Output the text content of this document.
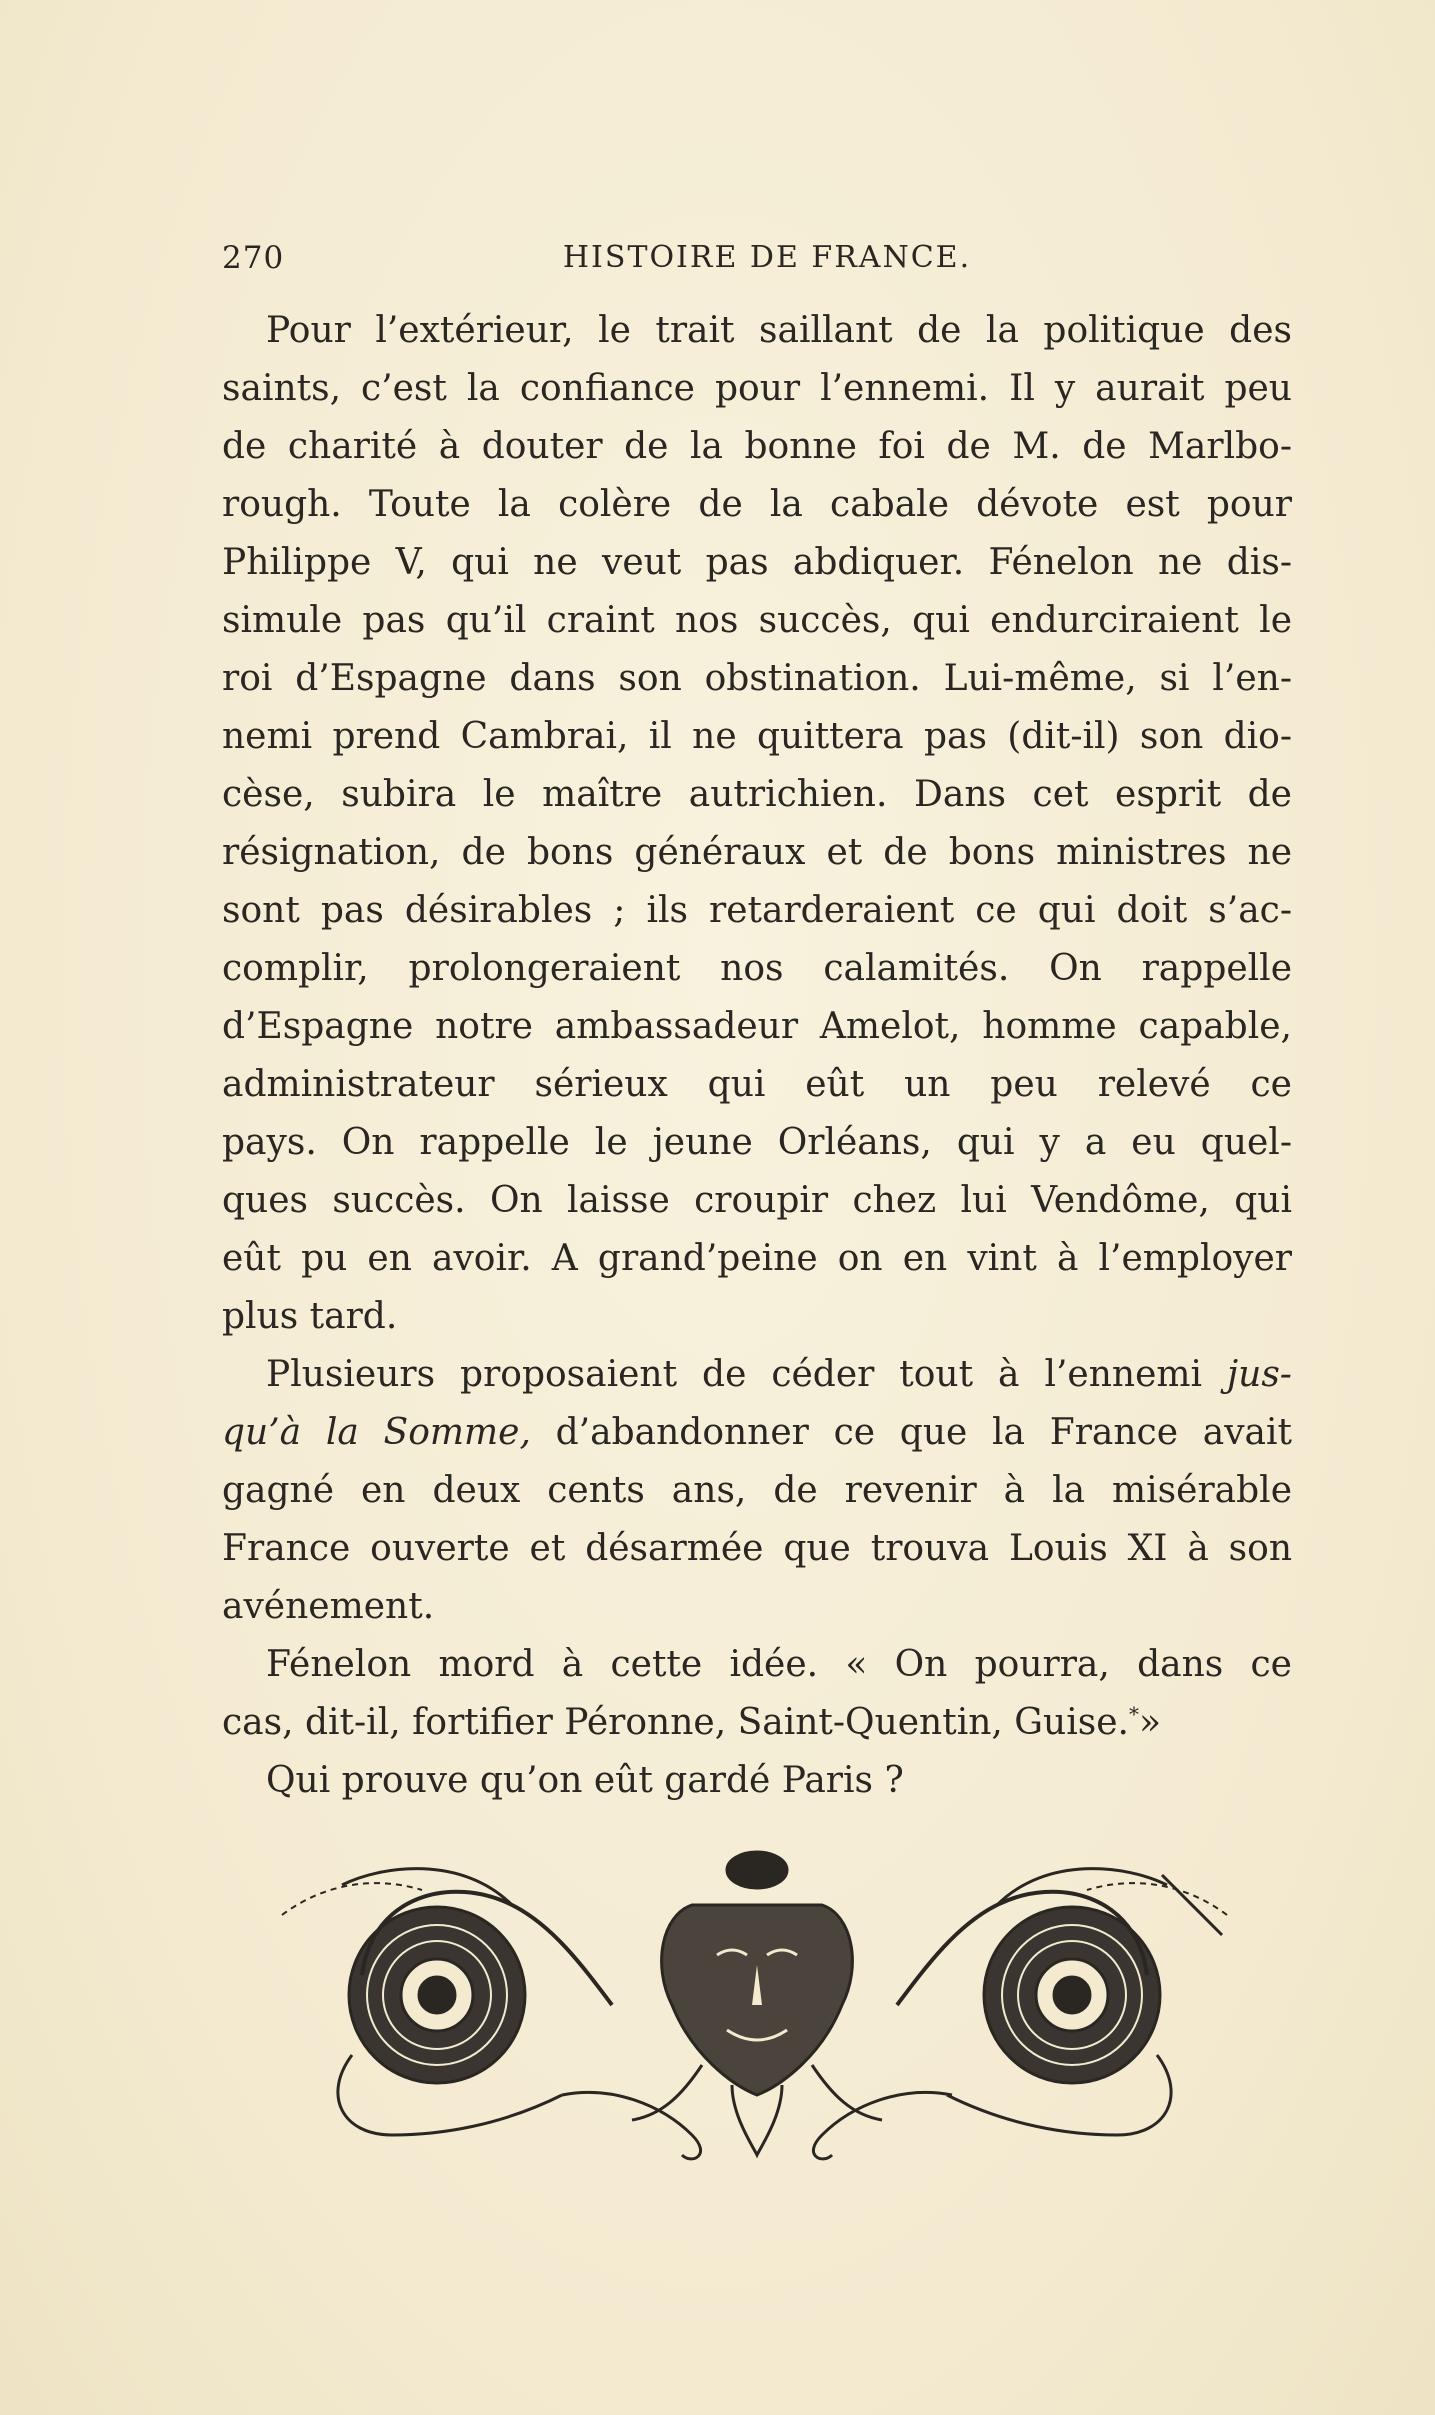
270	HISTOIRE DE FRANCE.
Pour l’extérieur, le trait saillant de la politique des
saints, c’est la confiance pour l’ennemi. Il y aurait peu
de charité à douter de la bonne foi de M. de Marlbo-
rough. Toute la colère de la cabale dévote est pour
Philippe V, qui ne veut pas abdiquer. Fénelon ne dis-
simule pas qu’il craint nos succès, qui endurciraient le
roi d’Espagne dans son obstination. Lui-même, si l’en-
nemi prend Cambrai, il ne quittera pas (dit-il) son dio-
cèse, subira le maître autrichien. Dans cet esprit de
résignation, de bons généraux et de bons ministres ne
sont pas désirables ; ils retarderaient ce qui doit s’ac-
complir, prolongeraient nos calamités. On rappelle
d’Espagne notre ambassadeur Amelot, homme capable,
administrateur sérieux qui eût un peu relevé ce
pays. On rappelle le jeune Orléans, qui y a eu quel-
ques succès. On laisse croupir chez lui Vendôme, qui
eût pu en avoir. A grand’peine on en vint à l’employer
plus tard.
Plusieurs proposaient de céder tout à l’ennemi jus-
qu’à la Somme, d’abandonner ce que la France avait
gagné en deux cents ans, de revenir à la misérable
France ouverte et désarmée que trouva Louis XI à son
avénement.
Fénelon mord à cette idée. « On pourra, dans ce
cas, dit-il, fortifier Péronne, Saint-Quentin, Guise.*»
Qui prouve qu’on eût gardé Paris ?
